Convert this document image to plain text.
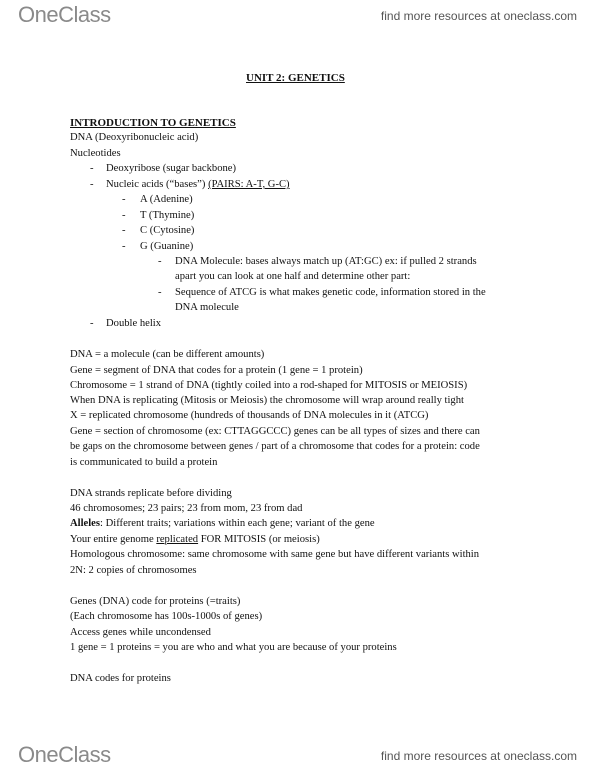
OneClass	find more resources at oneclass.com
UNIT 2: GENETICS
INTRODUCTION TO GENETICS
DNA (Deoxyribonucleic acid)
Nucleotides
- Deoxyribose (sugar backbone)
- Nucleic acids (“bases”) (PAIRS: A-T, G-C)
- A (Adenine)
- T (Thymine)
- C (Cytosine)
- G (Guanine)
- DNA Molecule: bases always match up (AT:GC) ex: if pulled 2 strands
apart you can look at one half and determine other part:
- Sequence of ATCG is what makes genetic code, information stored in the
DNA molecule
- Double helix
DNA = a molecule (can be different amounts)
Gene = segment of DNA that codes for a protein (1 gene = 1 protein)
Chromosome = 1 strand of DNA (tightly coiled into a rod-shaped for MITOSIS or MEIOSIS)
When DNA is replicating (Mitosis or Meiosis) the chromosome will wrap around really tight
X = replicated chromosome (hundreds of thousands of DNA molecules in it (ATCG)
Gene = section of chromosome (ex: CTTAGGCCC) genes can be all types of sizes and there can
be gaps on the chromosome between genes / part of a chromosome that codes for a protein: code
is communicated to build a protein
DNA strands replicate before dividing
46 chromosomes; 23 pairs; 23 from mom, 23 from dad
Alleles: Different traits; variations within each gene; variant of the gene
Your entire genome replicated FOR MITOSIS (or meiosis)
Homologous chromosome: same chromosome with same gene but have different variants within
2N: 2 copies of chromosomes
Genes (DNA) code for proteins (=traits)
(Each chromosome has 100s-1000s of genes)
Access genes while uncondensed
1 gene = 1 proteins = you are who and what you are because of your proteins
DNA codes for proteins
OneClass	find more resources at oneclass.com
